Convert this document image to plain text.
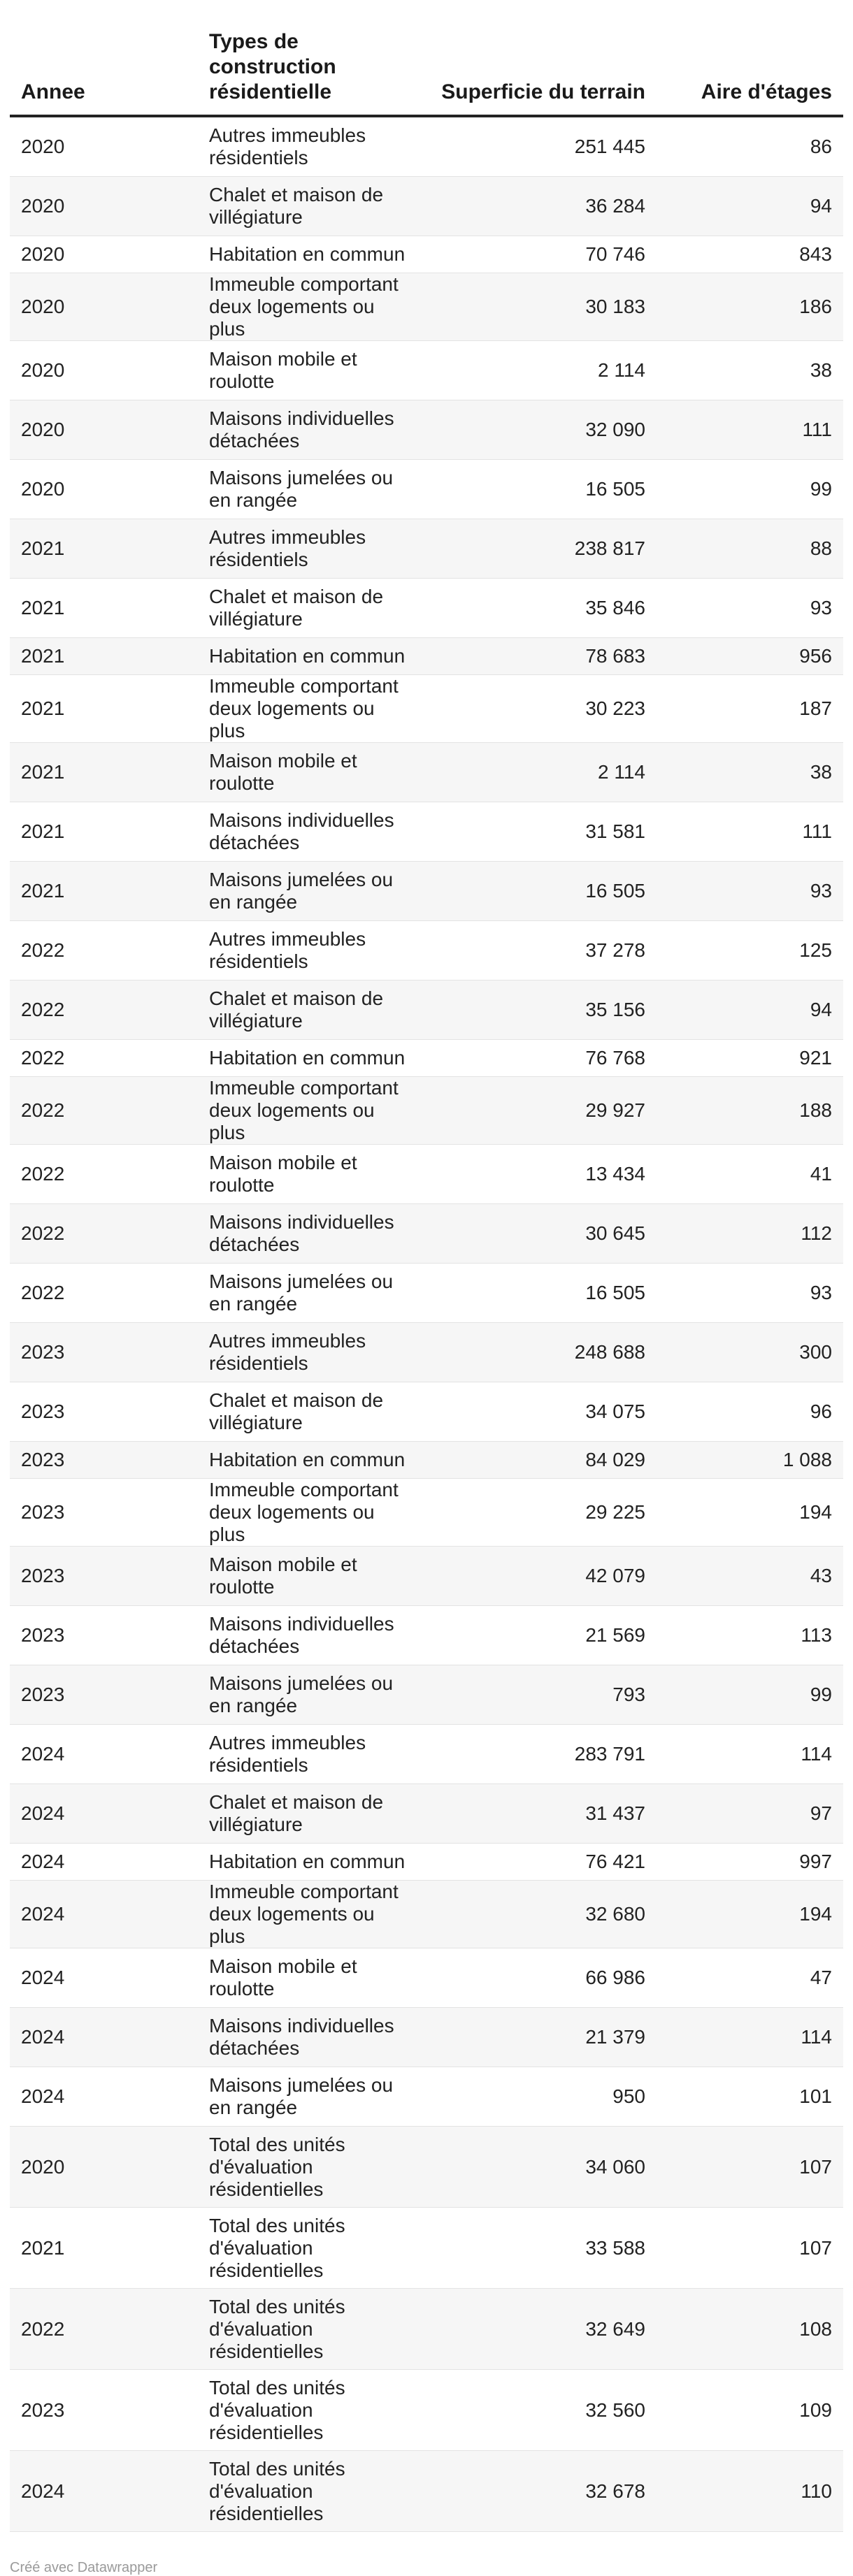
Annee	Types de construction résidentielle	Superficie du terrain	Aire d'étages
2020	Autres immeubles résidentiels	251 445	86
2020	Chalet et maison de villégiature	36 284	94
2020	Habitation en commun	70 746	843
2020	Immeuble comportant deux logements ou plus	30 183	186
2020	Maison mobile et roulotte	2 114	38
2020	Maisons individuelles détachées	32 090	111
2020	Maisons jumelées ou en rangée	16 505	99
2021	Autres immeubles résidentiels	238 817	88
2021	Chalet et maison de villégiature	35 846	93
2021	Habitation en commun	78 683	956
2021	Immeuble comportant deux logements ou plus	30 223	187
2021	Maison mobile et roulotte	2 114	38
2021	Maisons individuelles détachées	31 581	111
2021	Maisons jumelées ou en rangée	16 505	93
2022	Autres immeubles résidentiels	37 278	125
2022	Chalet et maison de villégiature	35 156	94
2022	Habitation en commun	76 768	921
2022	Immeuble comportant deux logements ou plus	29 927	188
2022	Maison mobile et roulotte	13 434	41
2022	Maisons individuelles détachées	30 645	112
2022	Maisons jumelées ou en rangée	16 505	93
2023	Autres immeubles résidentiels	248 688	300
2023	Chalet et maison de villégiature	34 075	96
2023	Habitation en commun	84 029	1 088
2023	Immeuble comportant deux logements ou plus	29 225	194
2023	Maison mobile et roulotte	42 079	43
2023	Maisons individuelles détachées	21 569	113
2023	Maisons jumelées ou en rangée	793	99
2024	Autres immeubles résidentiels	283 791	114
2024	Chalet et maison de villégiature	31 437	97
2024	Habitation en commun	76 421	997
2024	Immeuble comportant deux logements ou plus	32 680	194
2024	Maison mobile et roulotte	66 986	47
2024	Maisons individuelles détachées	21 379	114
2024	Maisons jumelées ou en rangée	950	101
2020	Total des unités d'évaluation résidentielles	34 060	107
2021	Total des unités d'évaluation résidentielles	33 588	107
2022	Total des unités d'évaluation résidentielles	32 649	108
2023	Total des unités d'évaluation résidentielles	32 560	109
2024	Total des unités d'évaluation résidentielles	32 678	110
Créé avec Datawrapper
